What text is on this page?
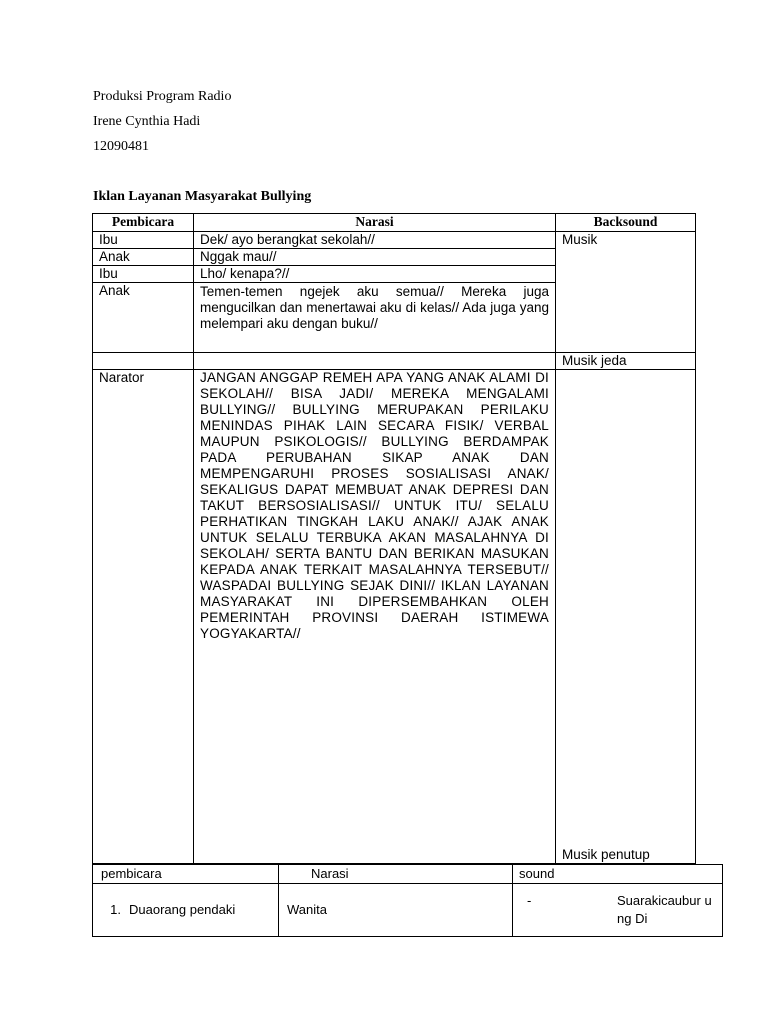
Produksi Program Radio
Irene Cynthia Hadi
12090481
Iklan Layanan Masyarakat Bullying
Pembicara	Narasi	Backsound
Ibu	Dek/ ayo berangkat sekolah//	Musik
Anak	Nggak mau//	
Ibu	Lho/ kenapa?//	
Anak	Temen-temen ngejek aku semua// Mereka juga mengucilkan dan menertawai aku di kelas// Ada juga yang melempari aku dengan buku//	
		Musik jeda
Narator	JANGAN ANGGAP REMEH APA YANG ANAK ALAMI DI SEKOLAH// BISA JADI/ MEREKA MENGALAMI BULLYING// BULLYING MERUPAKAN PERILAKU MENINDAS PIHAK LAIN SECARA FISIK/ VERBAL MAUPUN PSIKOLOGIS// BULLYING BERDAMPAK PADA PERUBAHAN SIKAP ANAK DAN MEMPENGARUHI PROSES SOSIALISASI ANAK/ SEKALIGUS DAPAT MEMBUAT ANAK DEPRESI DAN TAKUT BERSOSIALISASI// UNTUK ITU/ SELALU PERHATIKAN TINGKAH LAKU ANAK// AJAK ANAK UNTUK SELALU TERBUKA AKAN MASALAHNYA DI SEKOLAH/ SERTA BANTU DAN BERIKAN MASUKAN KEPADA ANAK TERKAIT MASALAHNYA TERSEBUT// WASPADAI BULLYING SEJAK DINI// IKLAN LAYANAN MASYARAKAT INI DIPERSEMBAHKAN OLEH PEMERINTAH PROVINSI DAERAH ISTIMEWA YOGYAKARTA//	Musik penutup
pembicara	Narasi	sound
1. Duaorang pendaki	Wanita	- Suarakicaubur ung Di
